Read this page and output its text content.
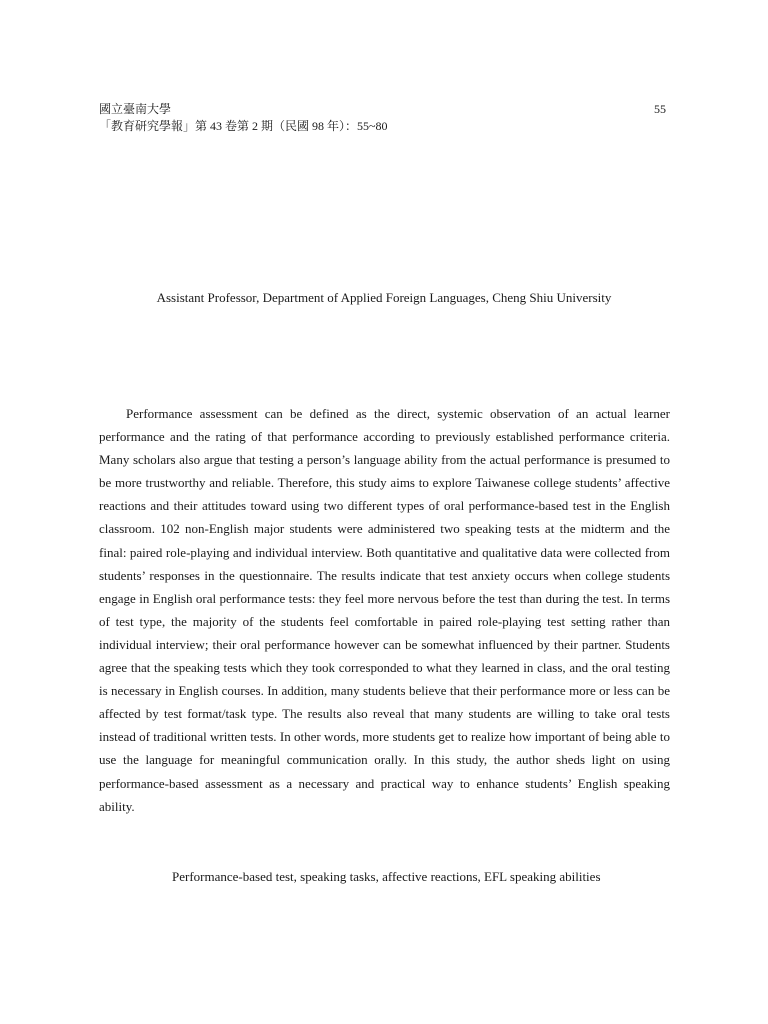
國立臺南大學
「教育研究學報」第 43 卷第 2 期（民國 98 年）：55~80
55
Assistant Professor, Department of Applied Foreign Languages, Cheng Shiu University

Performance assessment can be defined as the direct, systemic observation of an actual learner performance and the rating of that performance according to previously established performance criteria. Many scholars also argue that testing a person’s language ability from the actual performance is presumed to be more trustworthy and reliable. Therefore, this study aims to explore Taiwanese college students’ affective reactions and their attitudes toward using two different types of oral performance-based test in the English classroom. 102 non-English major students were administered two speaking tests at the midterm and the final: paired role-playing and individual interview. Both quantitative and qualitative data were collected from students’ responses in the questionnaire. The results indicate that test anxiety occurs when college students engage in English oral performance tests: they feel more nervous before the test than during the test. In terms of test type, the majority of the students feel comfortable in paired role-playing test setting rather than individual interview; their oral performance however can be somewhat influenced by their partner. Students agree that the speaking tests which they took corresponded to what they learned in class, and the oral testing is necessary in English courses. In addition, many students believe that their performance more or less can be affected by test format/task type. The results also reveal that many students are willing to take oral tests instead of traditional written tests. In other words, more students get to realize how important of being able to use the language for meaningful communication orally. In this study, the author sheds light on using performance-based assessment as a necessary and practical way to enhance students’ English speaking ability.

Performance-based test, speaking tasks, affective reactions, EFL speaking abilities
